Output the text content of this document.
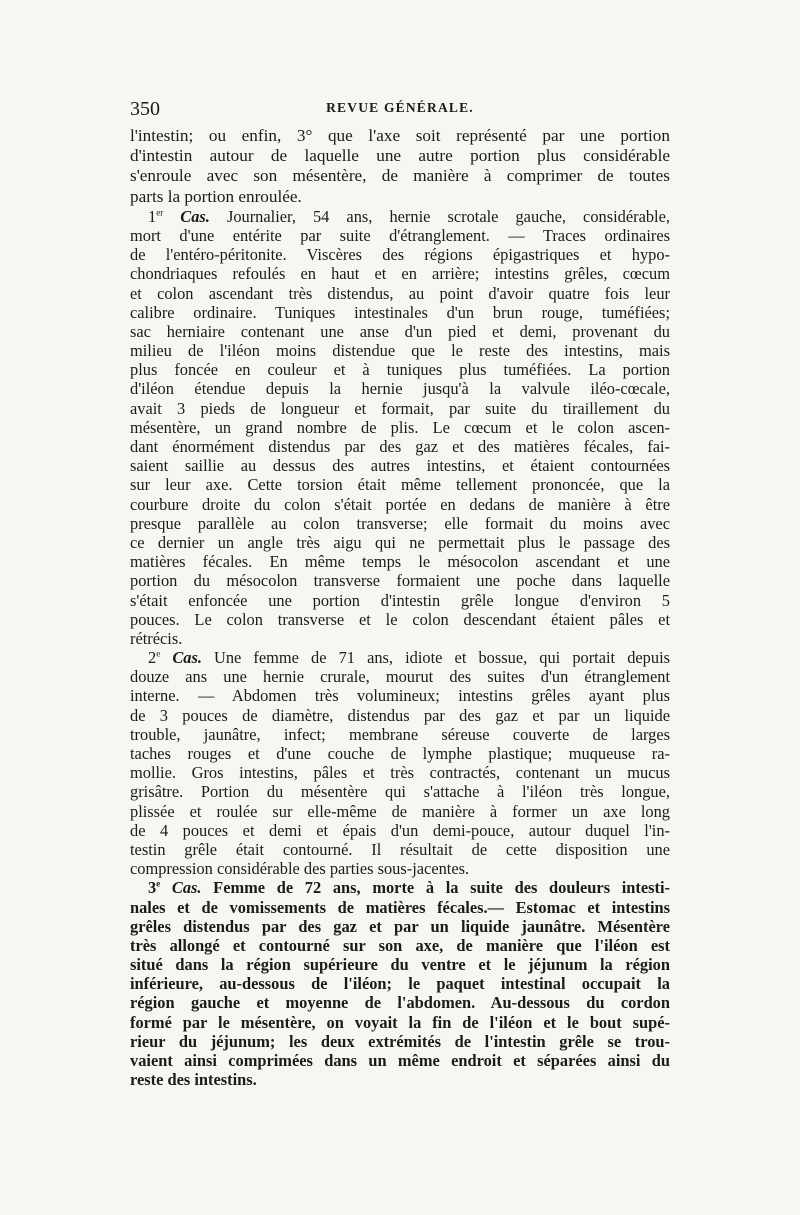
350	REVUE GÉNÉRALE.
l'intestin; ou enfin, 3° que l'axe soit représenté par une portion
d'intestin autour de laquelle une autre portion plus considérable
s'enroule avec son mésentère, de manière à comprimer de toutes
parts la portion enroulée.
1er Cas. Journalier, 54 ans, hernie scrotale gauche, considérable,
mort d'une entérite par suite d'étranglement. — Traces ordinaires
de l'entéro-péritonite. Viscères des régions épigastriques et hypo-
chondriaques refoulés en haut et en arrière; intestins grêles, cœcum
et colon ascendant très distendus, au point d'avoir quatre fois leur
calibre ordinaire. Tuniques intestinales d'un brun rouge, tuméfiées;
sac herniaire contenant une anse d'un pied et demi, provenant du
milieu de l'iléon moins distendue que le reste des intestins, mais
plus foncée en couleur et à tuniques plus tuméfiées. La portion
d'iléon étendue depuis la hernie jusqu'à la valvule iléo-cœcale,
avait 3 pieds de longueur et formait, par suite du tiraillement du
mésentère, un grand nombre de plis. Le cœcum et le colon ascen-
dant énormément distendus par des gaz et des matières fécales, fai-
saient saillie au dessus des autres intestins, et étaient contournées
sur leur axe. Cette torsion était même tellement prononcée, que la
courbure droite du colon s'était portée en dedans de manière à être
presque parallèle au colon transverse; elle formait du moins avec
ce dernier un angle très aigu qui ne permettait plus le passage des
matières fécales. En même temps le mésocolon ascendant et une
portion du mésocolon transverse formaient une poche dans laquelle
s'était enfoncée une portion d'intestin grêle longue d'environ 5
pouces. Le colon transverse et le colon descendant étaient pâles et
rétrécis.
2e Cas. Une femme de 71 ans, idiote et bossue, qui portait depuis
douze ans une hernie crurale, mourut des suites d'un étranglement
interne. — Abdomen très volumineux; intestins grêles ayant plus
de 3 pouces de diamètre, distendus par des gaz et par un liquide
trouble, jaunâtre, infect; membrane séreuse couverte de larges
taches rouges et d'une couche de lymphe plastique; muqueuse ra-
mollie. Gros intestins, pâles et très contractés, contenant un mucus
grisâtre. Portion du mésentère qui s'attache à l'iléon très longue,
plissée et roulée sur elle-même de manière à former un axe long
de 4 pouces et demi et épais d'un demi-pouce, autour duquel l'in-
testin grêle était contourné. Il résultait de cette disposition une
compression considérable des parties sous-jacentes.
3e Cas. Femme de 72 ans, morte à la suite des douleurs intesti-
nales et de vomissements de matières fécales.— Estomac et intestins
grêles distendus par des gaz et par un liquide jaunâtre. Mésentère
très allongé et contourné sur son axe, de manière que l'iléon est
situé dans la région supérieure du ventre et le jéjunum la région
inférieure, au-dessous de l'iléon; le paquet intestinal occupait la
région gauche et moyenne de l'abdomen. Au-dessous du cordon
formé par le mésentère, on voyait la fin de l'iléon et le bout supé-
rieur du jéjunum; les deux extrémités de l'intestin grêle se trou-
vaient ainsi comprimées dans un même endroit et séparées ainsi du
reste des intestins.
